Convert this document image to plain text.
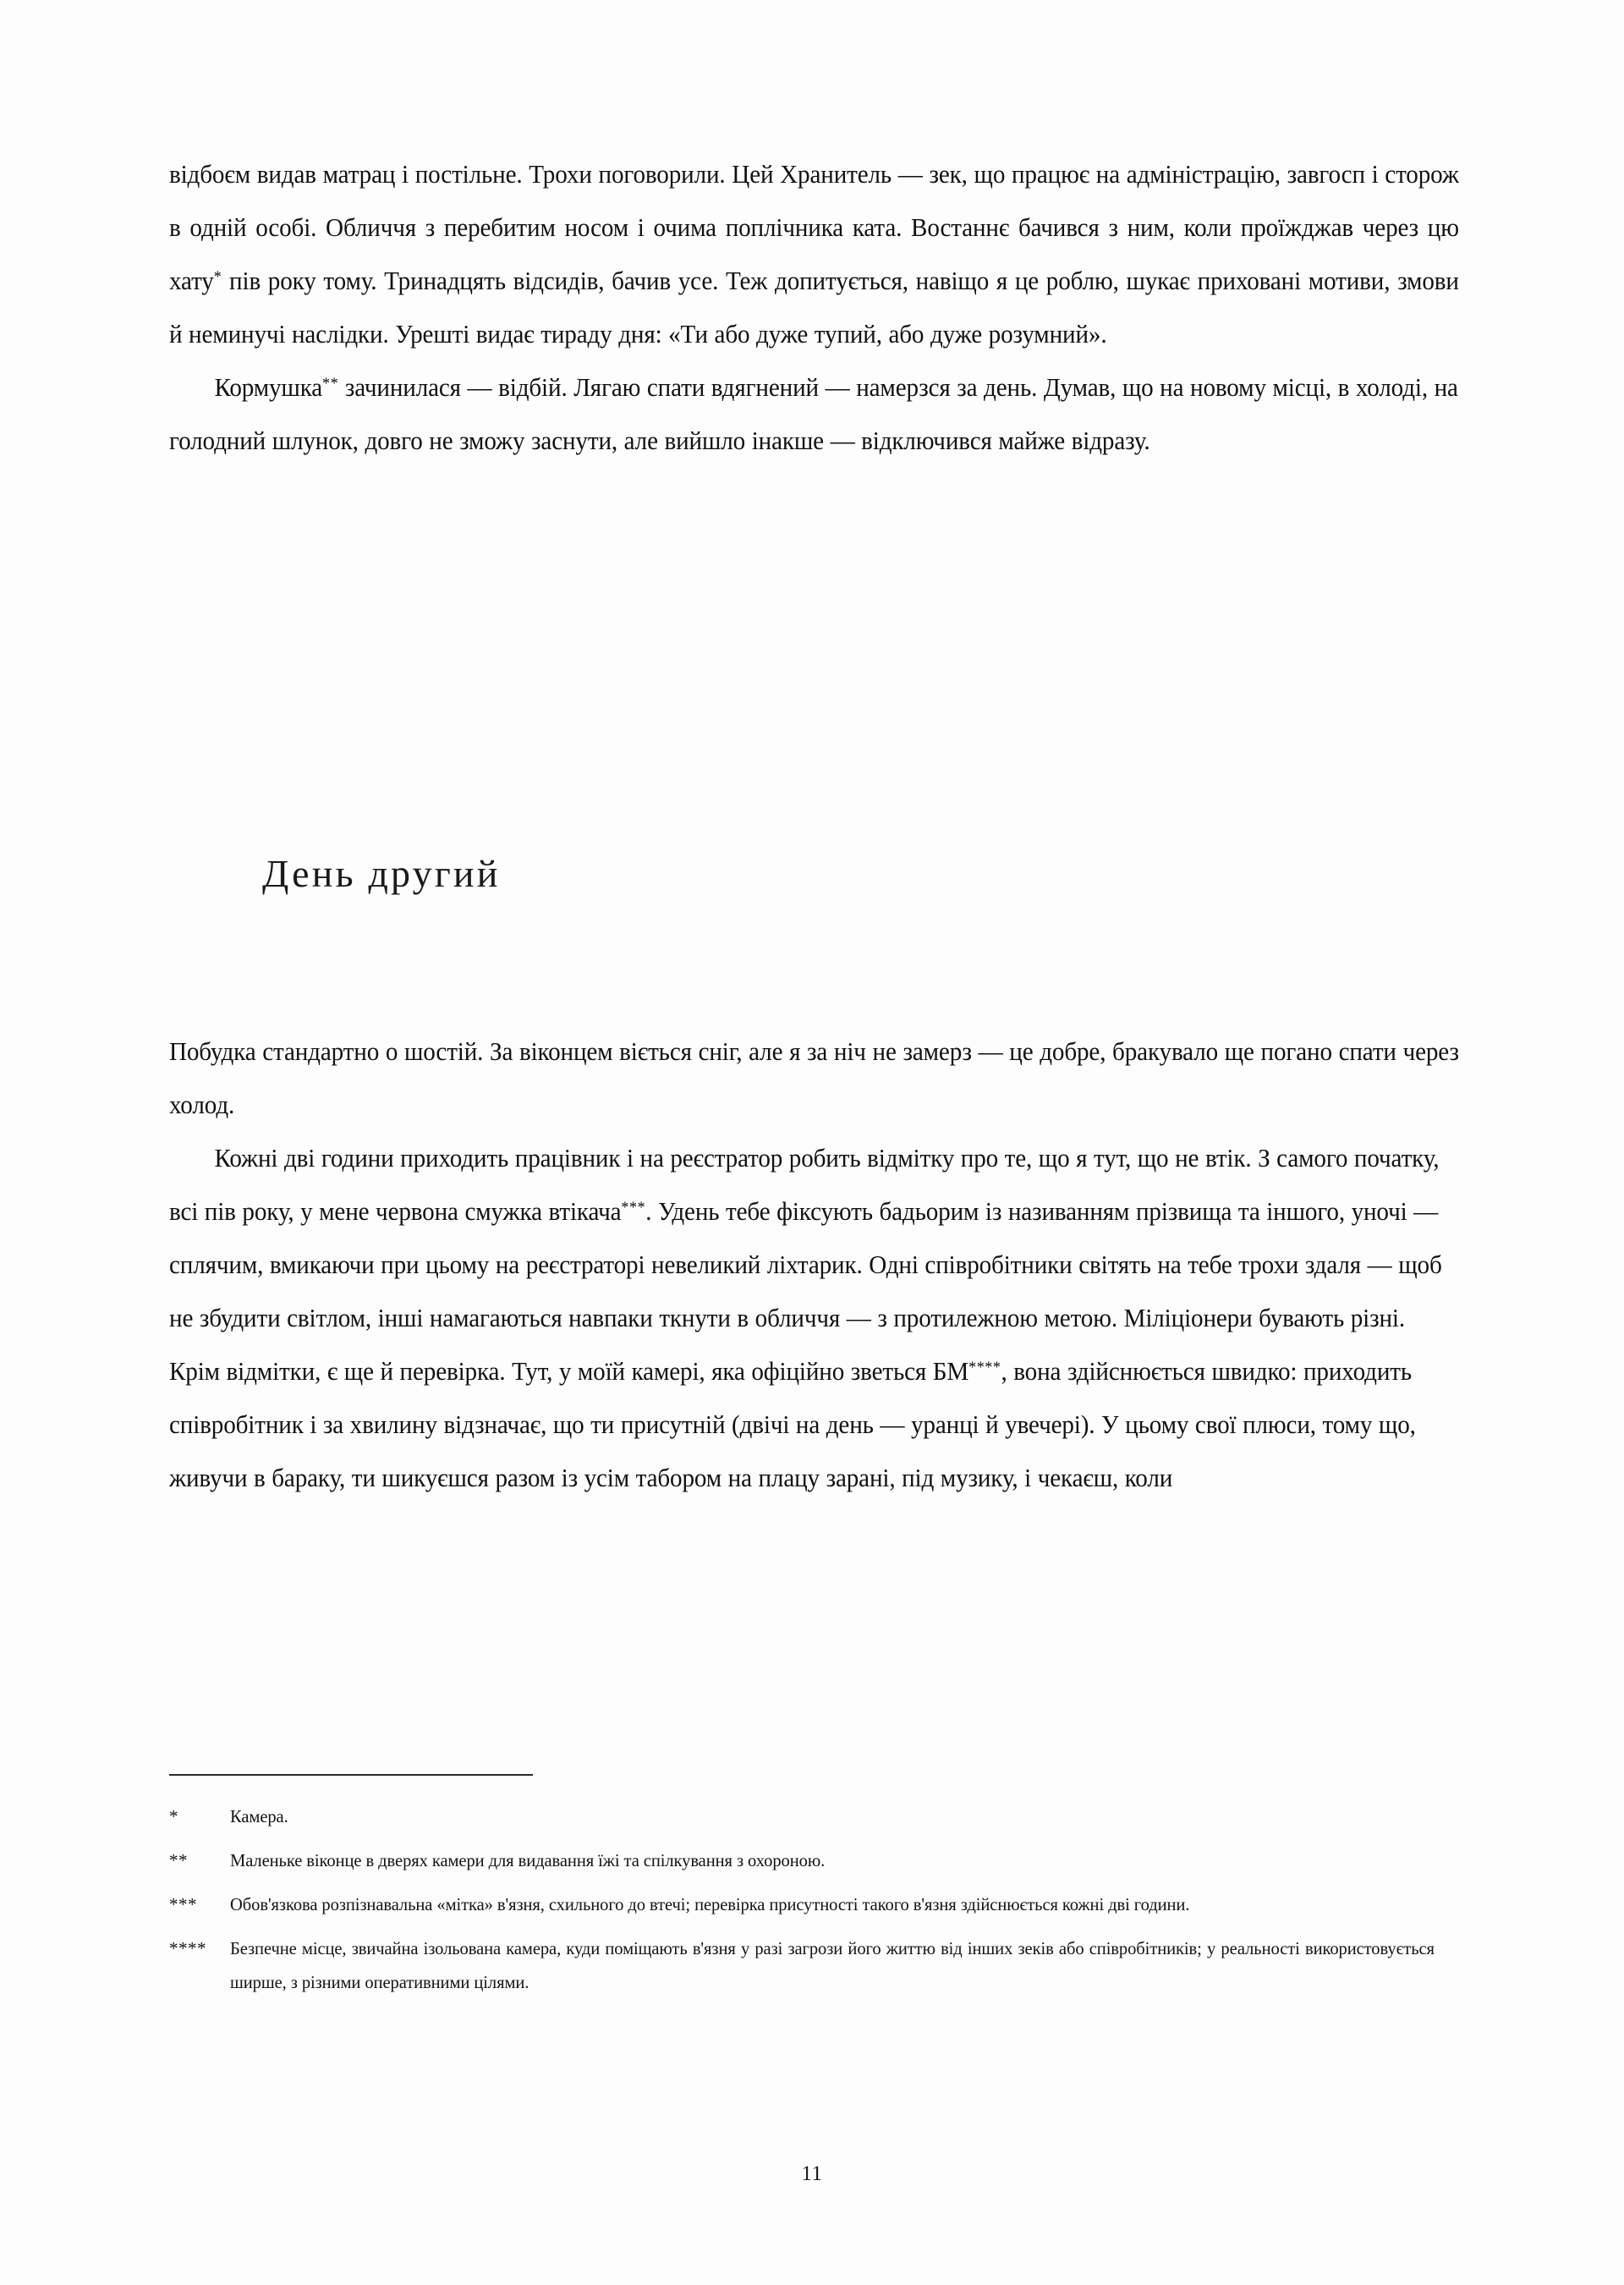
відбоєм видав матрац і постільне. Трохи поговорили. Цей Хранитель — зек, що працює на адміністрацію, завгосп і сторож в одній особі. Обличчя з перебитим носом і очима поплічника ката. Востаннє бачився з ним, коли проїжджав через цю хату* пів року тому. Тринадцять відсидів, бачив усе. Теж допитується, навіщо я це роблю, шукає приховані мотиви, змови й неминучі наслідки. Урешті видає тираду дня: «Ти або дуже тупий, або дуже розумний».

Кормушка** зачинилася — відбій. Лягаю спати вдягнений — намерзся за день. Думав, що на новому місці, в холоді, на голодний шлунок, довго не зможу заснути, але вийшло інакше — відключився майже відразу.

День другий

Побудка стандартно о шостій. За віконцем віється сніг, але я за ніч не замерз — це добре, бракувало ще погано спати через холод.

Кожні дві години приходить працівник і на реєстратор робить відмітку про те, що я тут, що не втік. З самого початку, всі пів року, у мене червона смужка втікача***. Удень тебе фіксують бадьорим із називанням прізвища та іншого, уночі — сплячим, вмикаючи при цьому на реєстраторі невеликий ліхтарик. Одні співробітники світять на тебе трохи здаля — щоб не збудити світлом, інші намагаються навпаки ткнути в обличчя — з протилежною метою. Міліціонери бувають різні. Крім відмітки, є ще й перевірка. Тут, у моїй камері, яка офіційно зветься БМ****, вона здійснюється швидко: приходить співробітник і за хвилину відзначає, що ти присутній (двічі на день — уранці й увечері). У цьому свої плюси, тому що, живучи в бараку, ти шикуєшся разом із усім табором на плацу зарані, під музику, і чекаєш, коли

*	Камера.
**	Маленьке віконце в дверях камери для видавання їжі та спілкування з охороною.
***	Обов'язкова розпізнавальна «мітка» в'язня, схильного до втечі; перевірка присутності такого в'язня здійснюється кожні дві години.
****	Безпечне місце, звичайна ізольована камера, куди поміщають в'язня у разі загрози його життю від інших зеків або співробітників; у реальності використовується ширше, з різними оперативними цілями.
11
